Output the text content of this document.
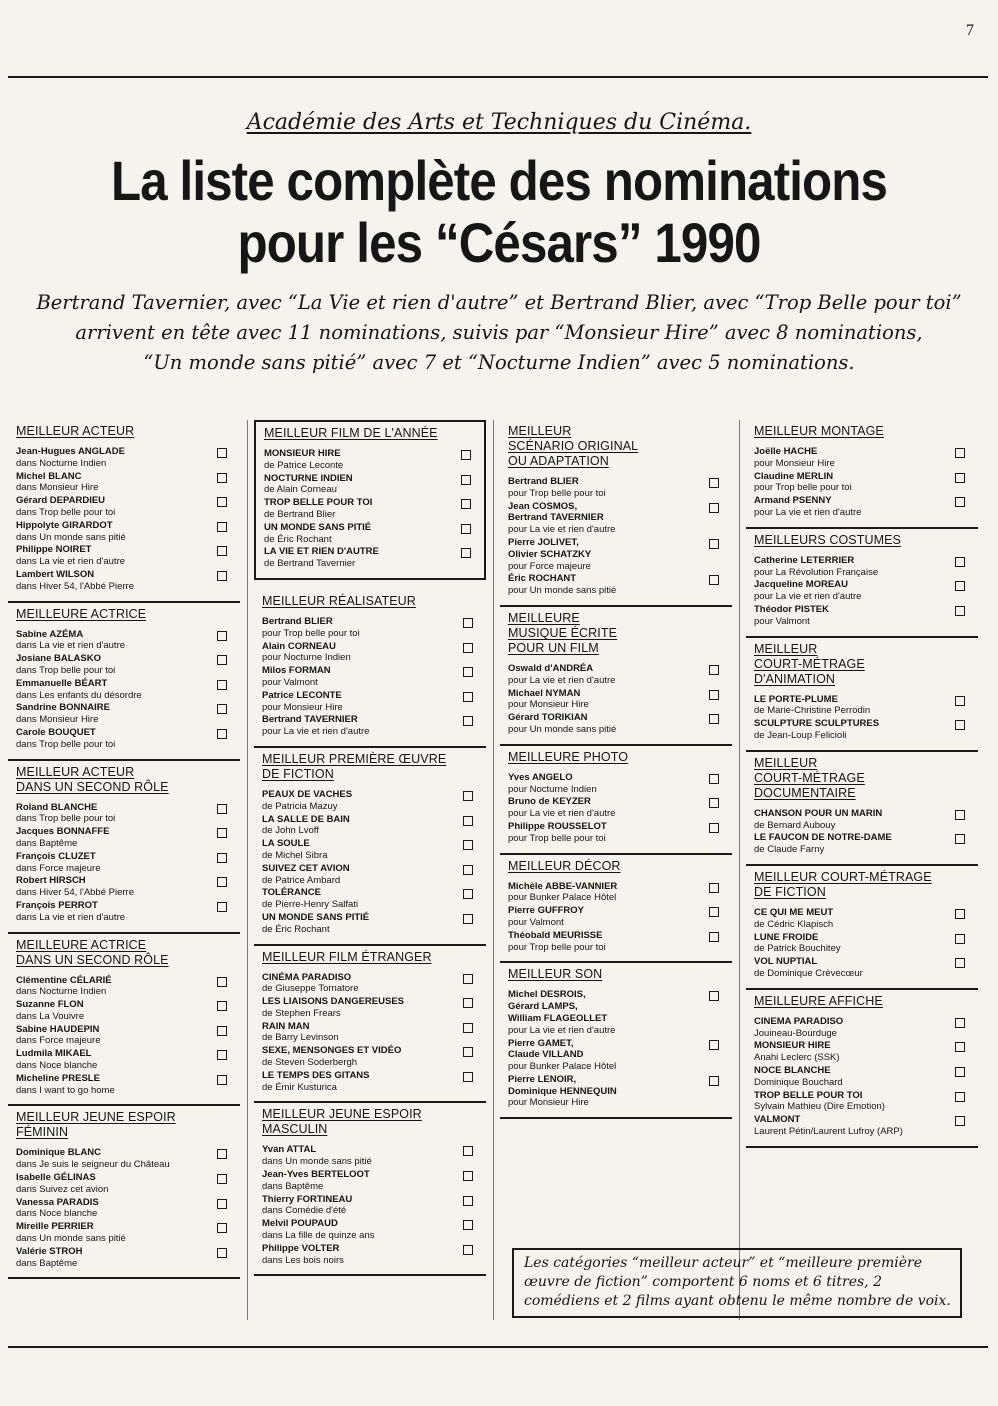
7

Académie des Arts et Techniques du Cinéma.

La liste complète des nominations
pour les “Césars” 1990

Bertrand Tavernier, avec “La Vie et rien d'autre” et Bertrand Blier, avec “Trop Belle pour toi”

arrivent en tête avec 11 nominations, suivis par “Monsieur Hire” avec 8 nominations,

“Un monde sans pitié” avec 7 et “Nocturne Indien” avec 5 nominations.

MEILLEUR ACTEUR
Jean-Hugues ANGLADE
dans Nocturne Indien
Michel BLANC
dans Monsieur Hire
Gérard DEPARDIEU
dans Trop belle pour toi
Hippolyte GIRARDOT
dans Un monde sans pitié
Philippe NOIRET
dans La vie et rien d'autre
Lambert WILSON
dans Hiver 54, l'Abbé Pierre
MEILLEURE ACTRICE
Sabine AZÉMA
dans La vie et rien d'autre
Josiane BALASKO
dans Trop belle pour toi
Emmanuelle BÉART
dans Les enfants du désordre
Sandrine BONNAIRE
dans Monsieur Hire
Carole BOUQUET
dans Trop belle pour toi
MEILLEUR ACTEUR
DANS UN SECOND RÔLE
Roland BLANCHE
dans Trop belle pour toi
Jacques BONNAFFE
dans Baptême
François CLUZET
dans Force majeure
Robert HIRSCH
dans Hiver 54, l'Abbé Pierre
François PERROT
dans La vie et rien d'autre
MEILLEURE ACTRICE
DANS UN SECOND RÔLE
Clémentine CÉLARIÉ
dans Nocturne Indien
Suzanne FLON
dans La Vouivre
Sabine HAUDEPIN
dans Force majeure
Ludmila MIKAEL
dans Noce blanche
Micheline PRESLE
dans I want to go home
MEILLEUR JEUNE ESPOIR
FÉMININ
Dominique BLANC
dans Je suis le seigneur du Château
Isabelle GÉLINAS
dans Suivez cet avion
Vanessa PARADIS
dans Noce blanche
Mireille PERRIER
dans Un monde sans pitié
Valérie STROH
dans Baptême
MEILLEUR FILM DE L'ANNÉE
MONSIEUR HIRE
de Patrice Leconte
NOCTURNE INDIEN
de Alain Corneau
TROP BELLE POUR TOI
de Bertrand Blier
UN MONDE SANS PITIÉ
de Éric Rochant
LA VIE ET RIEN D'AUTRE
de Bertrand Tavernier
MEILLEUR RÉALISATEUR
Bertrand BLIER
pour Trop belle pour toi
Alain CORNEAU
pour Nocturne Indien
Milos FORMAN
pour Valmont
Patrice LECONTE
pour Monsieur Hire
Bertrand TAVERNIER
pour La vie et rien d'autre
MEILLEUR PREMIÈRE ŒUVRE
DE FICTION
PEAUX DE VACHES
de Patricia Mazuy
LA SALLE DE BAIN
de John Lvoff
LA SOULE
de Michel Sibra
SUIVEZ CET AVION
de Patrice Ambard
TOLÉRANCE
de Pierre-Henry Salfati
UN MONDE SANS PITIÉ
de Éric Rochant
MEILLEUR FILM ÉTRANGER
CINÉMA PARADISO
de Giuseppe Tornatore
LES LIAISONS DANGEREUSES
de Stephen Frears
RAIN MAN
de Barry Levinson
SEXE, MENSONGES ET VIDÉO
de Steven Soderbergh
LE TEMPS DES GITANS
de Émir Kusturica
MEILLEUR JEUNE ESPOIR
MASCULIN
Yvan ATTAL
dans Un monde sans pitié
Jean-Yves BERTELOOT
dans Baptême
Thierry FORTINEAU
dans Comédie d'été
Melvil POUPAUD
dans La fille de quinze ans
Philippe VOLTER
dans Les bois noirs
MEILLEUR
SCÉNARIO ORIGINAL
OU ADAPTATION
Bertrand BLIER
pour Trop belle pour toi
Jean COSMOS,
Bertrand TAVERNIER
pour La vie et rien d'autre
Pierre JOLIVET,
Olivier SCHATZKY
pour Force majeure
Éric ROCHANT
pour Un monde sans pitié
MEILLEURE
MUSIQUE ÉCRITE
POUR UN FILM
Oswald d'ANDRÉA
pour La vie et rien d'autre
Michael NYMAN
pour Monsieur Hire
Gérard TORIKIAN
pour Un monde sans pitié
MEILLEURE PHOTO
Yves ANGELO
pour Nocturne Indien
Bruno de KEYZER
pour La vie et rien d'autre
Philippe ROUSSELOT
pour Trop belle pour toi
MEILLEUR DÉCOR
Michèle ABBE-VANNIER
pour Bunker Palace Hôtel
Pierre GUFFROY
pour Valmont
Théobald MEURISSE
pour Trop belle pour toi
MEILLEUR SON
Michel DESROIS,
Gérard LAMPS,
William FLAGEOLLET
pour La vie et rien d'autre
Pierre GAMET,
Claude VILLAND
pour Bunker Palace Hôtel
Pierre LENOIR,
Dominique HENNEQUIN
pour Monsieur Hire
MEILLEUR MONTAGE
Joëlle HACHE
pour Monsieur Hire
Claudine MERLIN
pour Trop belle pour toi
Armand PSENNY
pour La vie et rien d'autre
MEILLEURS COSTUMES
Catherine LETERRIER
pour La Révolution Française
Jacqueline MOREAU
pour La vie et rien d'autre
Théodor PISTEK
pour Valmont
MEILLEUR
COURT-MÉTRAGE
D'ANIMATION
LE PORTE-PLUME
de Marie-Christine Perrodin
SCULPTURE SCULPTURES
de Jean-Loup Felicioli
MEILLEUR
COURT-MÉTRAGE
DOCUMENTAIRE
CHANSON POUR UN MARIN
de Bernard Aubouy
LE FAUCON DE NOTRE-DAME
de Claude Farny
MEILLEUR COURT-MÉTRAGE
DE FICTION
CE QUI ME MEUT
de Cédric Klapisch
LUNE FROIDE
de Patrick Bouchitey
VOL NUPTIAL
de Dominique Crèvecœur
MEILLEURE AFFICHE
CINEMA PARADISO
Jouineau-Bourduge
MONSIEUR HIRE
Anahi Leclerc (SSK)
NOCE BLANCHE
Dominique Bouchard
TROP BELLE POUR TOI
Sylvain Mathieu (Dire Emotion)
VALMONT
Laurent Pétin/Laurent Lufroy (ARP)
Les catégories “meilleur acteur” et “meilleure première œuvre de fiction” comportent 6 noms et 6 titres, 2 comédiens et 2 films ayant obtenu le même nombre de voix.
